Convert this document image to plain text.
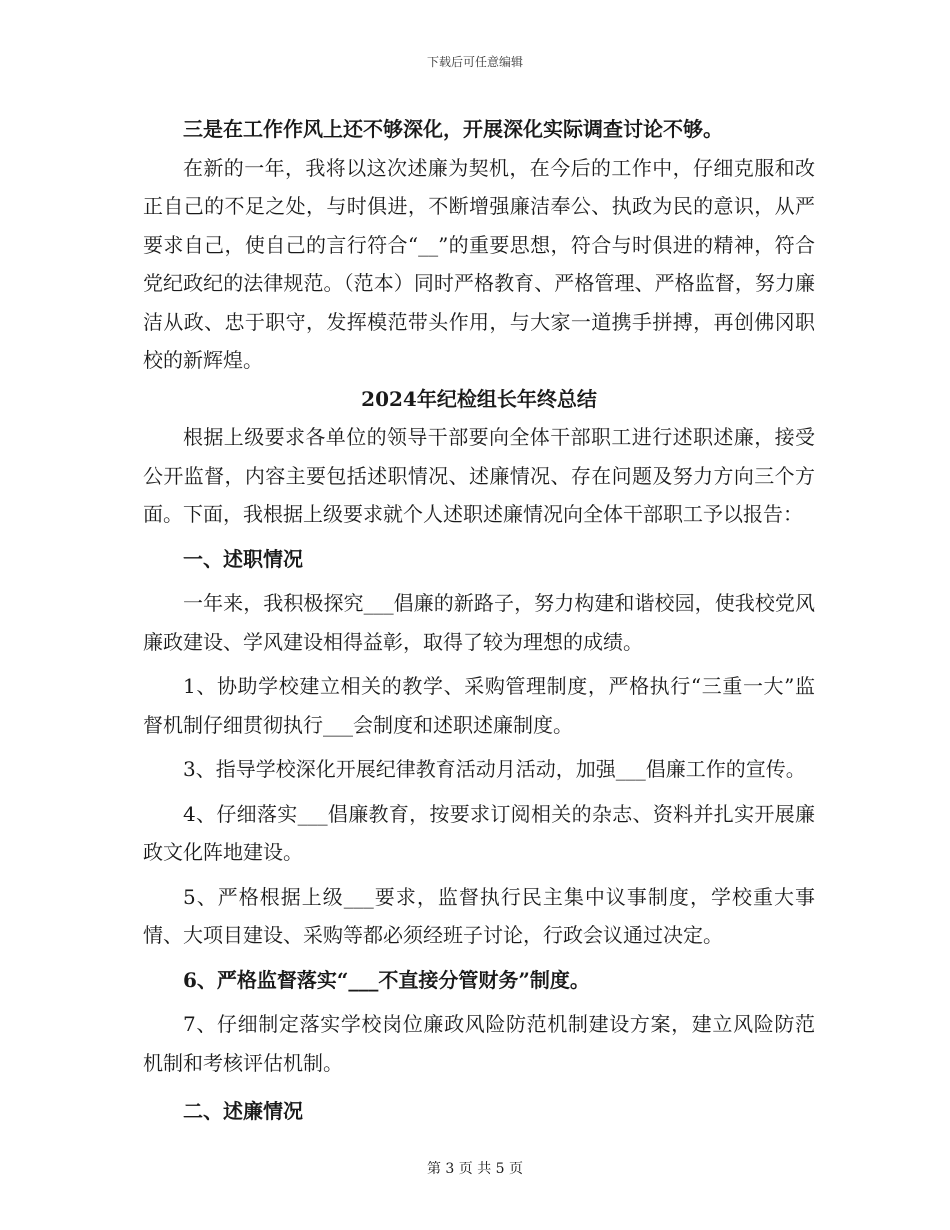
下载后可任意编辑

三是在工作作风上还不够深化，开展深化实际调查讨论不够。

在新的一年，我将以这次述廉为契机，在今后的工作中，仔细克服和改正自己的不足之处，与时俱进，不断增强廉洁奉公、执政为民的意识，从严要求自己，使自己的言行符合“__”的重要思想，符合与时俱进的精神，符合党纪政纪的法律规范。（范本）同时严格教育、严格管理、严格监督，努力廉洁从政、忠于职守，发挥模范带头作用，与大家一道携手拼搏，再创佛冈职校的新辉煌。

2024年纪检组长年终总结

根据上级要求各单位的领导干部要向全体干部职工进行述职述廉，接受公开监督，内容主要包括述职情况、述廉情况、存在问题及努力方向三个方面。下面，我根据上级要求就个人述职述廉情况向全体干部职工予以报告：

一、述职情况

一年来，我积极探究___倡廉的新路子，努力构建和谐校园，使我校党风廉政建设、学风建设相得益彰，取得了较为理想的成绩。

1、协助学校建立相关的教学、采购管理制度，严格执行“三重一大”监督机制仔细贯彻执行___会制度和述职述廉制度。

3、指导学校深化开展纪律教育活动月活动，加强___倡廉工作的宣传。

4、仔细落实___倡廉教育，按要求订阅相关的杂志、资料并扎实开展廉政文化阵地建设。

5、严格根据上级___要求，监督执行民主集中议事制度，学校重大事情、大项目建设、采购等都必须经班子讨论，行政会议通过决定。

6、严格监督落实“___不直接分管财务”制度。

7、仔细制定落实学校岗位廉政风险防范机制建设方案，建立风险防范机制和考核评估机制。

二、述廉情况

第 3 页 共 5 页
